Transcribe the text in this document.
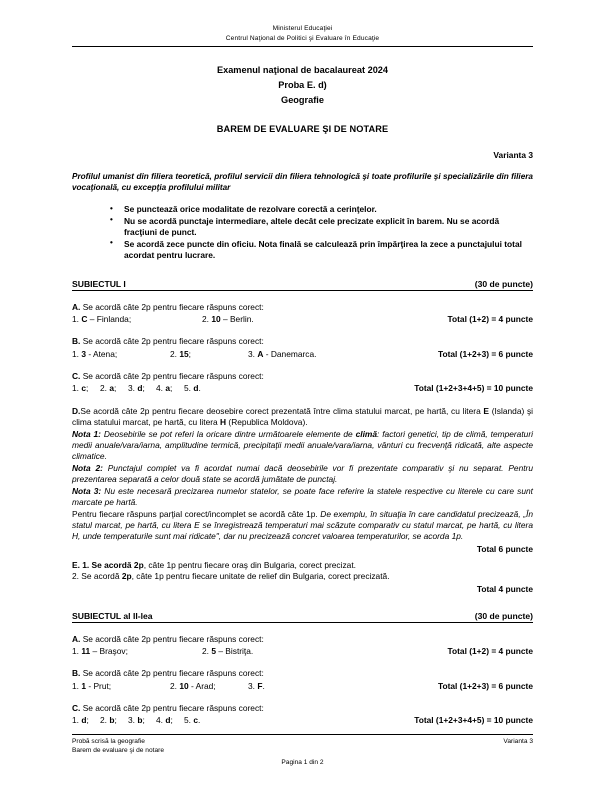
Ministerul Educaţiei
Centrul Naţional de Politici şi Evaluare în Educaţie
Examenul naţional de bacalaureat 2024
Proba E. d)
Geografie
BAREM DE EVALUARE ŞI DE NOTARE
Varianta 3
Profilul umanist din filiera teoretică, profilul servicii din filiera tehnologică şi toate profilurile şi specializările din filiera vocaţională, cu excepţia profilului militar
• Se punctează orice modalitate de rezolvare corectă a cerinţelor.
• Nu se acordă punctaje intermediare, altele decât cele precizate explicit în barem. Nu se acordă fracţiuni de punct.
• Se acordă zece puncte din oficiu. Nota finală se calculează prin împărţirea la zece a punctajului total acordat pentru lucrare.
SUBIECTUL I	(30 de puncte)
A. Se acordă câte 2p pentru fiecare răspuns corect:
1. C – Finlanda;	2. 10 – Berlin.	Total (1+2) = 4 puncte
B. Se acordă câte 2p pentru fiecare răspuns corect:
1. 3 - Atena;	2. 15;	3. A - Danemarca.	Total (1+2+3) = 6 puncte
C. Se acordă câte 2p pentru fiecare răspuns corect:
1. c;	2. a;	3. d;	4. a;	5. d.	Total (1+2+3+4+5) = 10 puncte
D.Se acordă câte 2p pentru fiecare deosebire corect prezentată între clima statului marcat, pe hartă, cu litera E (Islanda) şi clima statului marcat, pe hartă, cu litera H (Republica Moldova).
Nota 1: Deosebirile se pot referi la oricare dintre următoarele elemente de climă: factori genetici, tip de climă, temperaturi medii anuale/vara/iarna, amplitudine termică, precipitaţii medii anuale/vara/iarna, vânturi cu frecvenţă ridicată, alte aspecte climatice.
Nota 2: Punctajul complet va fi acordat numai dacă deosebirile vor fi prezentate comparativ şi nu separat. Pentru prezentarea separată a celor două state se acordă jumătate de punctaj.
Nota 3: Nu este necesară precizarea numelor statelor, se poate face referire la statele respective cu literele cu care sunt marcate pe hartă.
Pentru fiecare răspuns parţial corect/incomplet se acordă câte 1p. De exemplu, în situaţia în care candidatul precizează, „În statul marcat, pe hartă, cu litera E se înregistrează temperaturi mai scăzute comparativ cu statul marcat, pe hartă, cu litera H, unde temperaturile sunt mai ridicate", dar nu precizează concret valoarea temperaturilor, se acorda 1p.
Total 6 puncte
E. 1. Se acordă 2p, câte 1p pentru fiecare oraş din Bulgaria, corect precizat.
2. Se acordă 2p, câte 1p pentru fiecare unitate de relief din Bulgaria, corect precizată.
Total 4 puncte
SUBIECTUL al II-lea	(30 de puncte)
A. Se acordă câte 2p pentru fiecare răspuns corect:
1. 11 – Braşov;	2. 5 – Bistriţa.	Total (1+2) = 4 puncte
B. Se acordă câte 2p pentru fiecare răspuns corect:
1. 1 - Prut;	2. 10 - Arad;	3. F.	Total (1+2+3) = 6 puncte
C. Se acordă câte 2p pentru fiecare răspuns corect:
1. d;	2. b;	3. b;	4. d;	5. c.	Total (1+2+3+4+5) = 10 puncte
Probă scrisă la geografie
Barem de evaluare şi de notare
Varianta 3
Pagina 1 din 2
